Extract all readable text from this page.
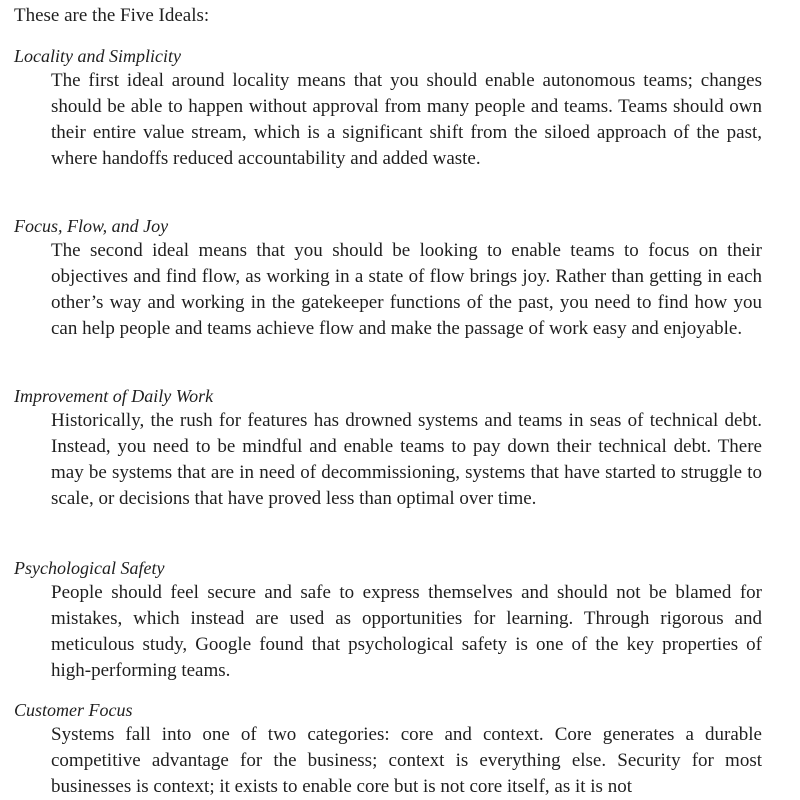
These are the Five Ideals:

Locality and Simplicity

The first ideal around locality means that you should enable autonomous teams; changes should be able to happen without approval from many people and teams. Teams should own their entire value stream, which is a significant shift from the siloed approach of the past, where handoffs reduced accountability and added waste.

Focus, Flow, and Joy

The second ideal means that you should be looking to enable teams to focus on their objectives and find flow, as working in a state of flow brings joy. Rather than getting in each other’s way and working in the gatekeeper functions of the past, you need to find how you can help people and teams achieve flow and make the passage of work easy and enjoyable.

Improvement of Daily Work

Historically, the rush for features has drowned systems and teams in seas of technical debt. Instead, you need to be mindful and enable teams to pay down their technical debt. There may be systems that are in need of decommissioning, systems that have started to struggle to scale, or decisions that have proved less than optimal over time.

Psychological Safety

People should feel secure and safe to express themselves and should not be blamed for mistakes, which instead are used as opportunities for learning. Through rigorous and meticulous study, Google found that psychological safety is one of the key properties of high-performing teams.

Customer Focus

Systems fall into one of two categories: core and context. Core generates a durable competitive advantage for the business; context is everything else. Security for most businesses is context; it exists to enable core but is not core itself, as it is not
